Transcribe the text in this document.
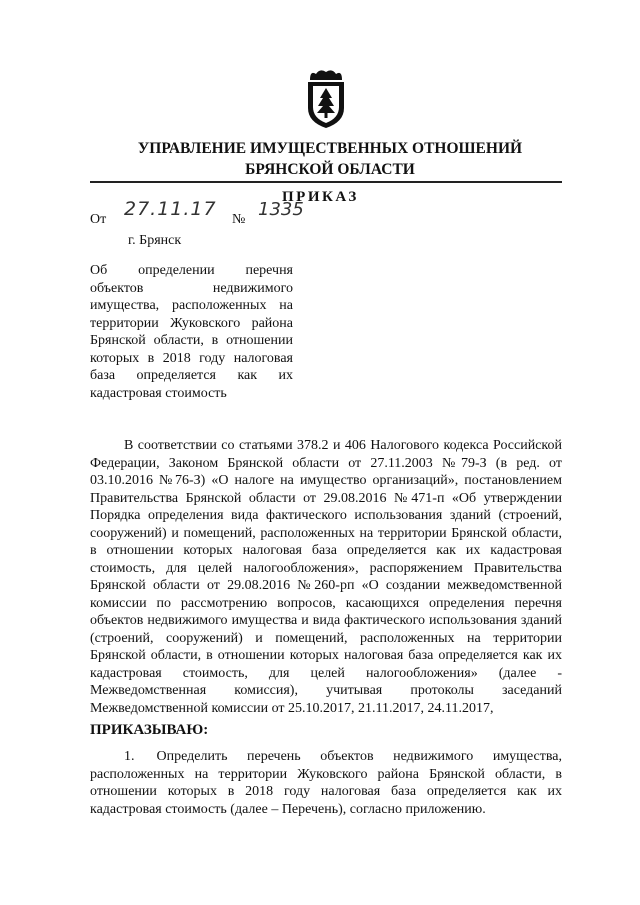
УПРАВЛЕНИЕ ИМУЩЕСТВЕННЫХ ОТНОШЕНИЙ
БРЯНСКОЙ ОБЛАСТИ
ПРИКАЗ
От 27.11.17 № 1335
г. Брянск
Об определении перечня объектов недвижимого имущества, расположенных на территории Жуковского района Брянской области, в отношении которых в 2018 году налоговая база определяется как их кадастровая стоимость

В соответствии со статьями 378.2 и 406 Налогового кодекса Российской Федерации, Законом Брянской области от 27.11.2003 №79-З (в ред. от 03.10.2016 №76-З) «О налоге на имущество организаций», постановлением Правительства Брянской области от 29.08.2016 №471-п «Об утверждении Порядка определения вида фактического использования зданий (строений, сооружений) и помещений, расположенных на территории Брянской области, в отношении которых налоговая база определяется как их кадастровая стоимость, для целей налогообложения», распоряжением Правительства Брянской области от 29.08.2016 №260-рп «О создании межведомственной комиссии по рассмотрению вопросов, касающихся определения перечня объектов недвижимого имущества и вида фактического использования зданий (строений, сооружений) и помещений, расположенных на территории Брянской области, в отношении которых налоговая база определяется как их кадастровая стоимость, для целей налогообложения» (далее - Межведомственная комиссия), учитывая протоколы заседаний Межведомственной комиссии от 25.10.2017, 21.11.2017, 24.11.2017,

ПРИКАЗЫВАЮ:

1. Определить перечень объектов недвижимого имущества, расположенных на территории Жуковского района Брянской области, в отношении которых в 2018 году налоговая база определяется как их кадастровая стоимость (далее – Перечень), согласно приложению.
